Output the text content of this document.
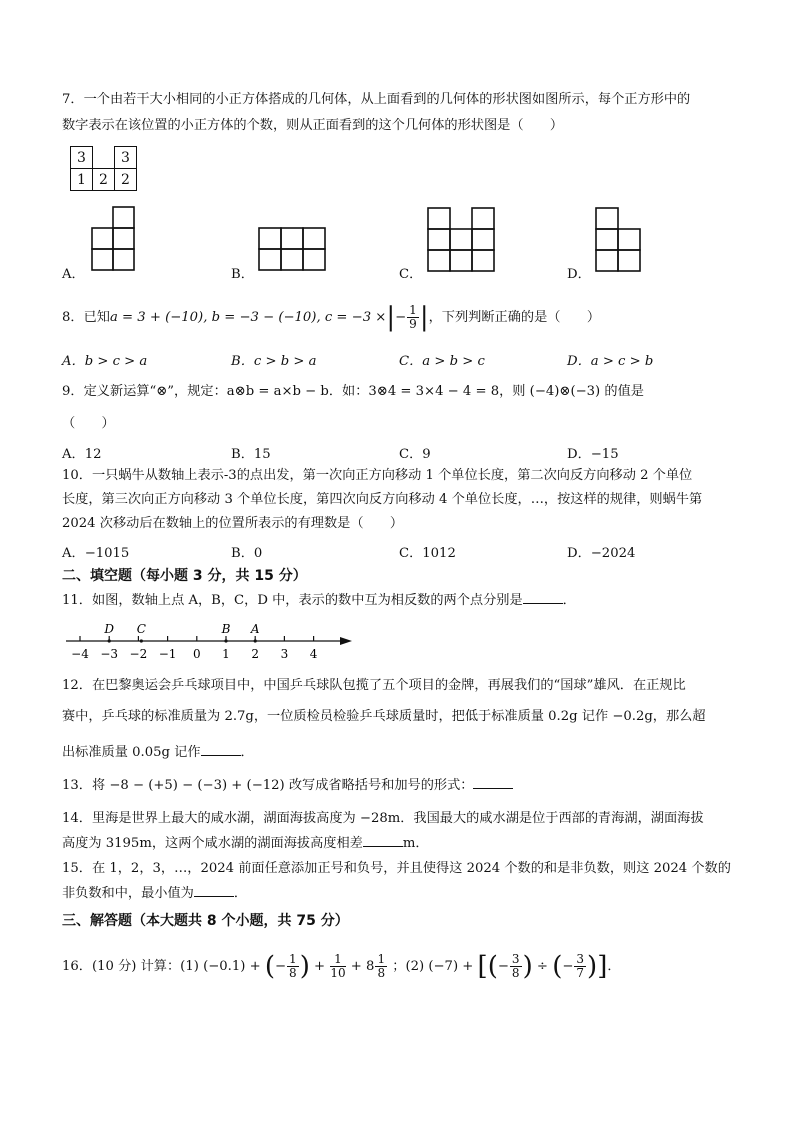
7．一个由若干大小相同的小正方体搭成的几何体，从上面看到的几何体的形状图如图所示，每个正方形中的
数字表示在该位置的小正方体的个数，则从正面看到的这个几何体的形状图是（　　）
3		3
1	2	2
A．	B．	C．	D．
8．已知a = 3 + (−10), b = −3 − (−10), c = −3 ×|− $\frac{1}{9}$ |，下列判断正确的是（　　）
A．b > c > a	B．c > b > a	C．a > b > c	D．a > c > b
9．定义新运算“⊗”，规定：a⊗b = a×b − b．如：3⊗4 = 3×4 − 4 = 8，则 (−4)⊗(−3) 的值是
（　　）
A．12	B．15	C．9	D．−15
10．一只蜗牛从数轴上表示-3的点出发，第一次向正方向移动 1 个单位长度，第二次向反方向移动 2 个单位
长度，第三次向正方向移动 3 个单位长度，第四次向反方向移动 4 个单位长度，…，按这样的规律，则蜗牛第
2024 次移动后在数轴上的位置所表示的有理数是（　　）
A．−1015	B．0	C．1012	D．−2024
二、填空题（每小题 3 分，共 15 分）
11．如图，数轴上点 A，B，C，D 中，表示的数中互为相反数的两个点分别是	．
−4 −3 −2 −1 0 1 2 3 4
D C	B A
12．在巴黎奥运会乒乓球项目中，中国乒乓球队包揽了五个项目的金牌，再展我们的“国球”雄风．在正规比
赛中，乒乓球的标准质量为 2.7g，一位质检员检验乒乓球质量时，把低于标准质量 0.2g 记作 −0.2g，那么超
出标准质量 0.05g 记作	．
13．将 −8 − (+5) − (−3) + (−12) 改写成省略括号和加号的形式：
14．里海是世界上最大的咸水湖，湖面海拔高度为 −28m．我国最大的咸水湖是位于西部的青海湖，湖面海拔
高度为 3195m，这两个咸水湖的湖面海拔高度相差	m．
15．在 1，2，3，…，2024 前面任意添加正号和负号，并且使得这 2024 个数的和是非负数，则这 2024 个数的
非负数和中，最小值为	．
三、解答题（本大题共 8 个小题，共 75 分）
16．(10 分) 计算：(1) (−0.1) + (− $\frac{1}{8}$ ) + $\frac{1}{10} + 8 \frac{1}{8}$ ；(2) (−7) + [(− $\frac{3}{8}$ ) ÷ (− $\frac{3}{7}$ )]．
